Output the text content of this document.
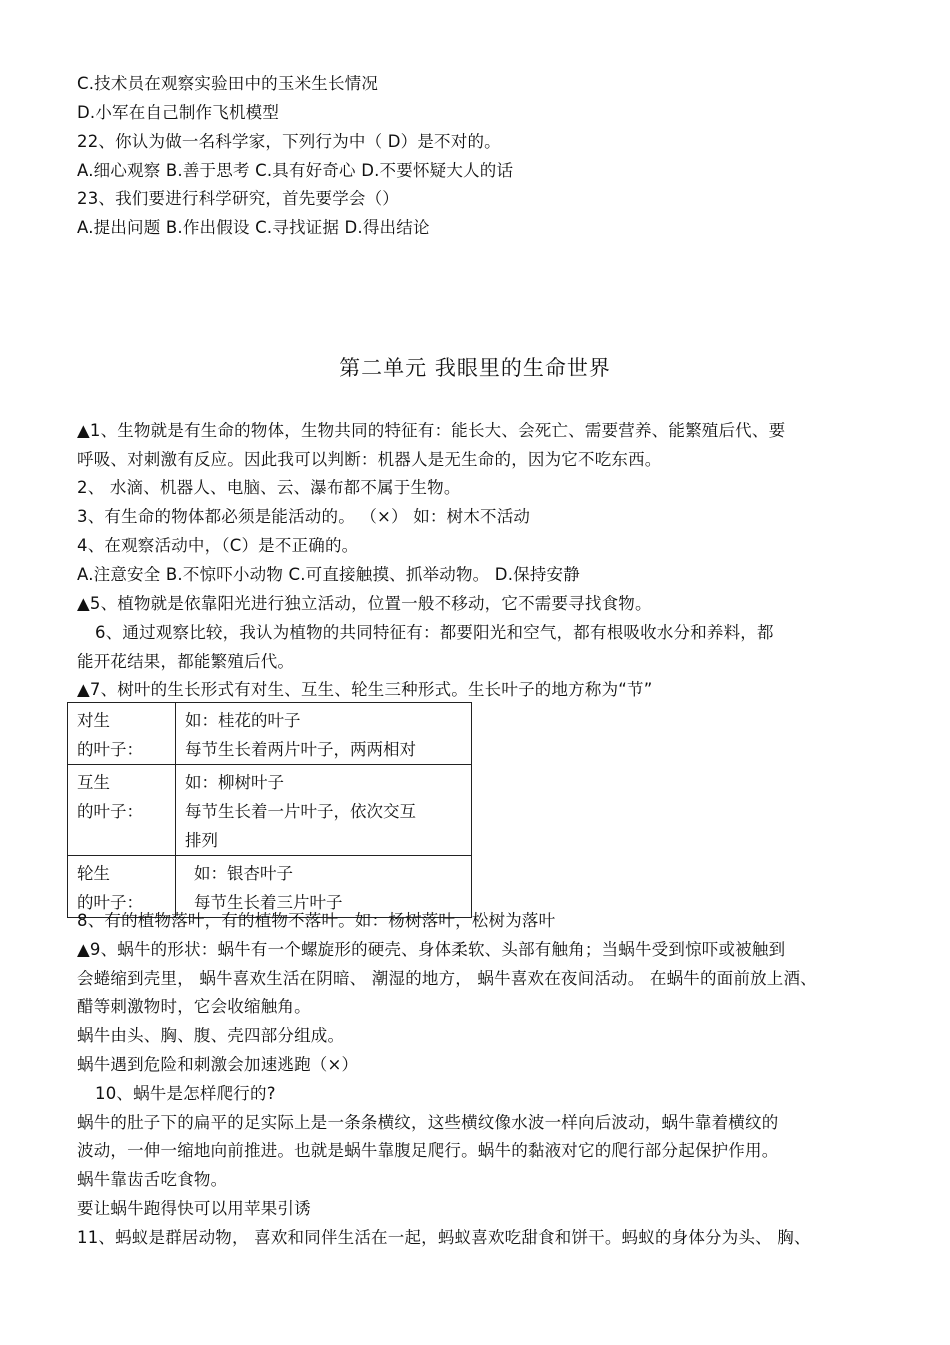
C.技术员在观察实验田中的玉米生长情况
D.小军在自己制作飞机模型
22、你认为做一名科学家，下列行为中（ D）是不对的。
A.细心观察 B.善于思考 C.具有好奇心 D.不要怀疑大人的话
23、我们要进行科学研究，首先要学会（）
A.提出问题 B.作出假设 C.寻找证据 D.得出结论
第二单元 我眼里的生命世界
▲1、生物就是有生命的物体，生物共同的特征有：能长大、会死亡、需要营养、能繁殖后代、要
呼吸、对刺激有反应。因此我可以判断：机器人是无生命的，因为它不吃东西。
2、 水滴、机器人、电脑、云、瀑布都不属于生物。
3、有生命的物体都必须是能活动的。 （×） 如：树木不活动
4、在观察活动中，（C）是不正确的。
A.注意安全 B.不惊吓小动物 C.可直接触摸、抓举动物。 D.保持安静
▲5、植物就是依靠阳光进行独立活动，位置一般不移动，它不需要寻找食物。
6、通过观察比较，我认为植物的共同特征有：都要阳光和空气，都有根吸收水分和养料，都
能开花结果，都能繁殖后代。
▲7、树叶的生长形式有对生、互生、轮生三种形式。生长叶子的地方称为“节”
对生
的叶子：	如：桂花的叶子
每节生长着两片叶子，两两相对

互生
的叶子：	如：柳树叶子
每节生长着一片叶子，依次交互
排列

轮生
的叶子：	如：银杏叶子
每节生长着三片叶子
8、有的植物落叶，有的植物不落叶。如：杨树落叶，松树为落叶
▲9、蜗牛的形状：蜗牛有一个螺旋形的硬壳、身体柔软、头部有触角；当蜗牛受到惊吓或被触到
会蜷缩到壳里， 蜗牛喜欢生活在阴暗、 潮湿的地方， 蜗牛喜欢在夜间活动。 在蜗牛的面前放上酒、
醋等刺激物时，它会收缩触角。
蜗牛由头、胸、腹、壳四部分组成。
蜗牛遇到危险和刺激会加速逃跑（×）
10、蜗牛是怎样爬行的?
蜗牛的肚子下的扁平的足实际上是一条条横纹，这些横纹像水波一样向后波动，蜗牛靠着横纹的
波动，一伸一缩地向前推进。也就是蜗牛靠腹足爬行。蜗牛的黏液对它的爬行部分起保护作用。
蜗牛靠齿舌吃食物。
要让蜗牛跑得快可以用苹果引诱
11、蚂蚁是群居动物， 喜欢和同伴生活在一起，蚂蚁喜欢吃甜食和饼干。蚂蚁的身体分为头、 胸、
